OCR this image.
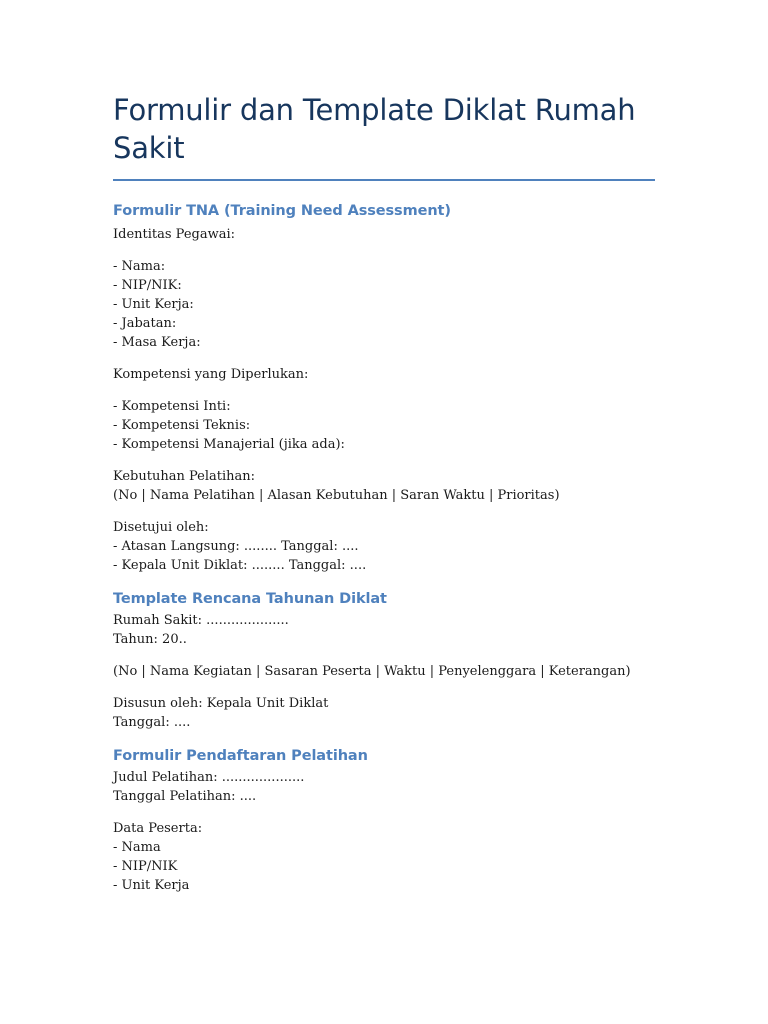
Formulir dan Template Diklat Rumah Sakit
Formulir TNA (Training Need Assessment)
Identitas Pegawai:
- Nama:
- NIP/NIK:
- Unit Kerja:
- Jabatan:
- Masa Kerja:
Kompetensi yang Diperlukan:
- Kompetensi Inti:
- Kompetensi Teknis:
- Kompetensi Manajerial (jika ada):
Kebutuhan Pelatihan:
(No | Nama Pelatihan | Alasan Kebutuhan | Saran Waktu | Prioritas)
Disetujui oleh:
- Atasan Langsung: ........ Tanggal: ....
- Kepala Unit Diklat: ........ Tanggal: ....
Template Rencana Tahunan Diklat
Rumah Sakit: ....................
Tahun: 20..
(No | Nama Kegiatan | Sasaran Peserta | Waktu | Penyelenggara | Keterangan)
Disusun oleh: Kepala Unit Diklat
Tanggal: ....
Formulir Pendaftaran Pelatihan
Judul Pelatihan: ....................
Tanggal Pelatihan: ....
Data Peserta:
- Nama
- NIP/NIK
- Unit Kerja
